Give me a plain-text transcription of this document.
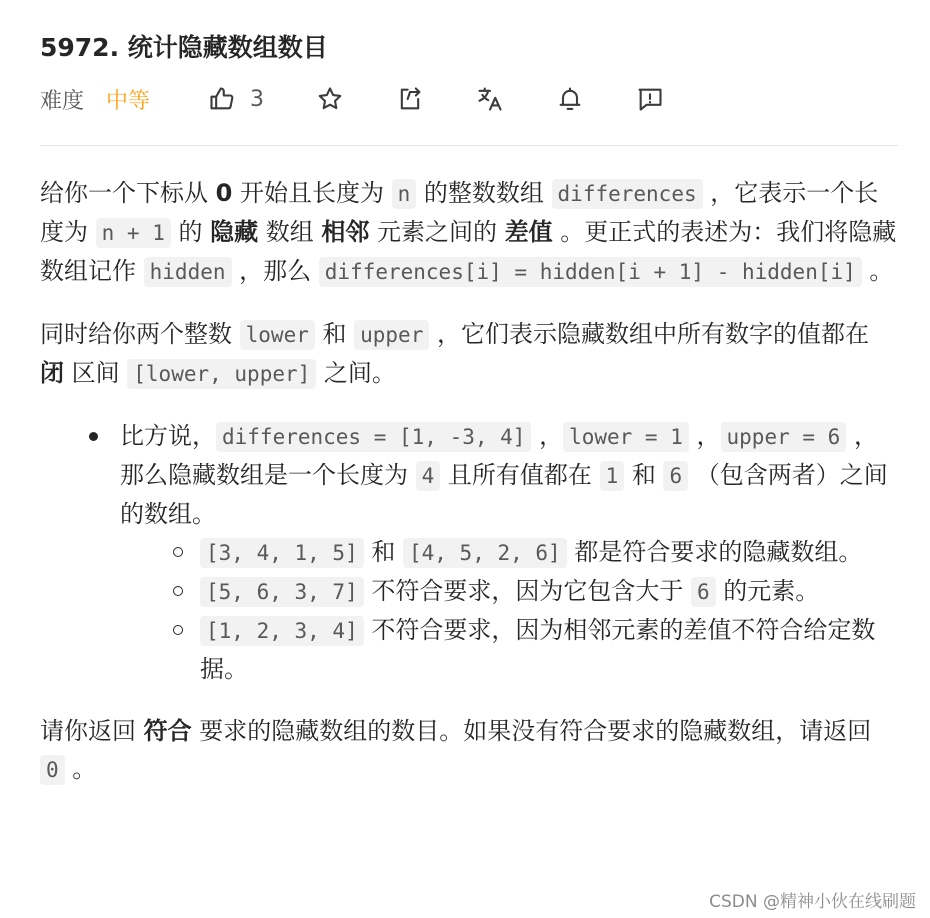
5972. 统计隐藏数组数目
难度 中等	3

给你一个下标从 0 开始且长度为 n 的整数数组 differences ，它表示一个长度为 n + 1 的 隐藏 数组 相邻 元素之间的 差值 。更正式的表述为：我们将隐藏数组记作 hidden ，那么 differences[i] = hidden[i + 1] - hidden[i] 。

同时给你两个整数 lower 和 upper ，它们表示隐藏数组中所有数字的值都在 闭 区间 [lower, upper] 之间。

比方说， differences = [1, -3, 4] ， lower = 1 ， upper = 6 ，那么隐藏数组是一个长度为 4 且所有值都在 1 和 6 （包含两者）之间的数组。
[3, 4, 1, 5] 和 [4, 5, 2, 6] 都是符合要求的隐藏数组。
[5, 6, 3, 7] 不符合要求，因为它包含大于 6 的元素。
[1, 2, 3, 4] 不符合要求，因为相邻元素的差值不符合给定数据。

请你返回 符合 要求的隐藏数组的数目。如果没有符合要求的隐藏数组，请返回 0 。

CSDN @精神小伙在线刷题
